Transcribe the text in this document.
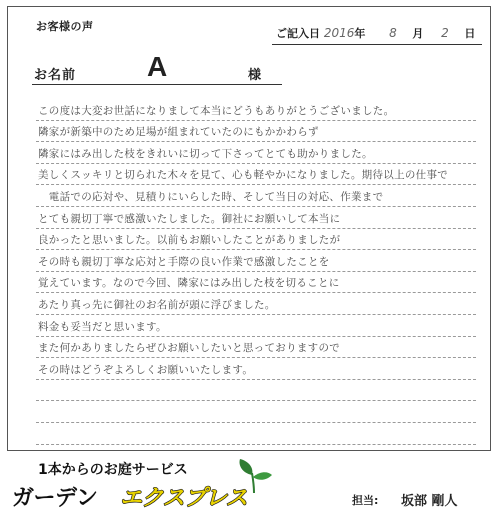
お客様の声
ご記入日 2016年 8 月 2 日
お名前	A	様
この度は大変お世話になりまして本当にどうもありがとうございました。
隣家が新築中のため足場が組まれていたのにもかかわらず
隣家にはみ出した枝をきれいに切って下さってとても助かりました。
美しくスッキリと切られた木々を見て、心も軽やかになりました。期待以上の仕事で
　電話での応対や、見積りにいらした時、そして当日の対応、作業まで
とても親切丁寧で感激いたしました。御社にお願いして本当に
良かったと思いました。以前もお願いしたことがありましたが
その時も親切丁寧な応対と手際の良い作業で感激したことを
覚えています。なので今回、隣家にはみ出した枝を切ることに
あたり真っ先に御社のお名前が頭に浮びました。
料金も妥当だと思います。
また何かありましたらぜひお願いしたいと思っておりますので
その時はどうぞよろしくお願いいたします。
1本からのお庭サービス
ガーデン エクスプレス	担当: 坂部 剛人
